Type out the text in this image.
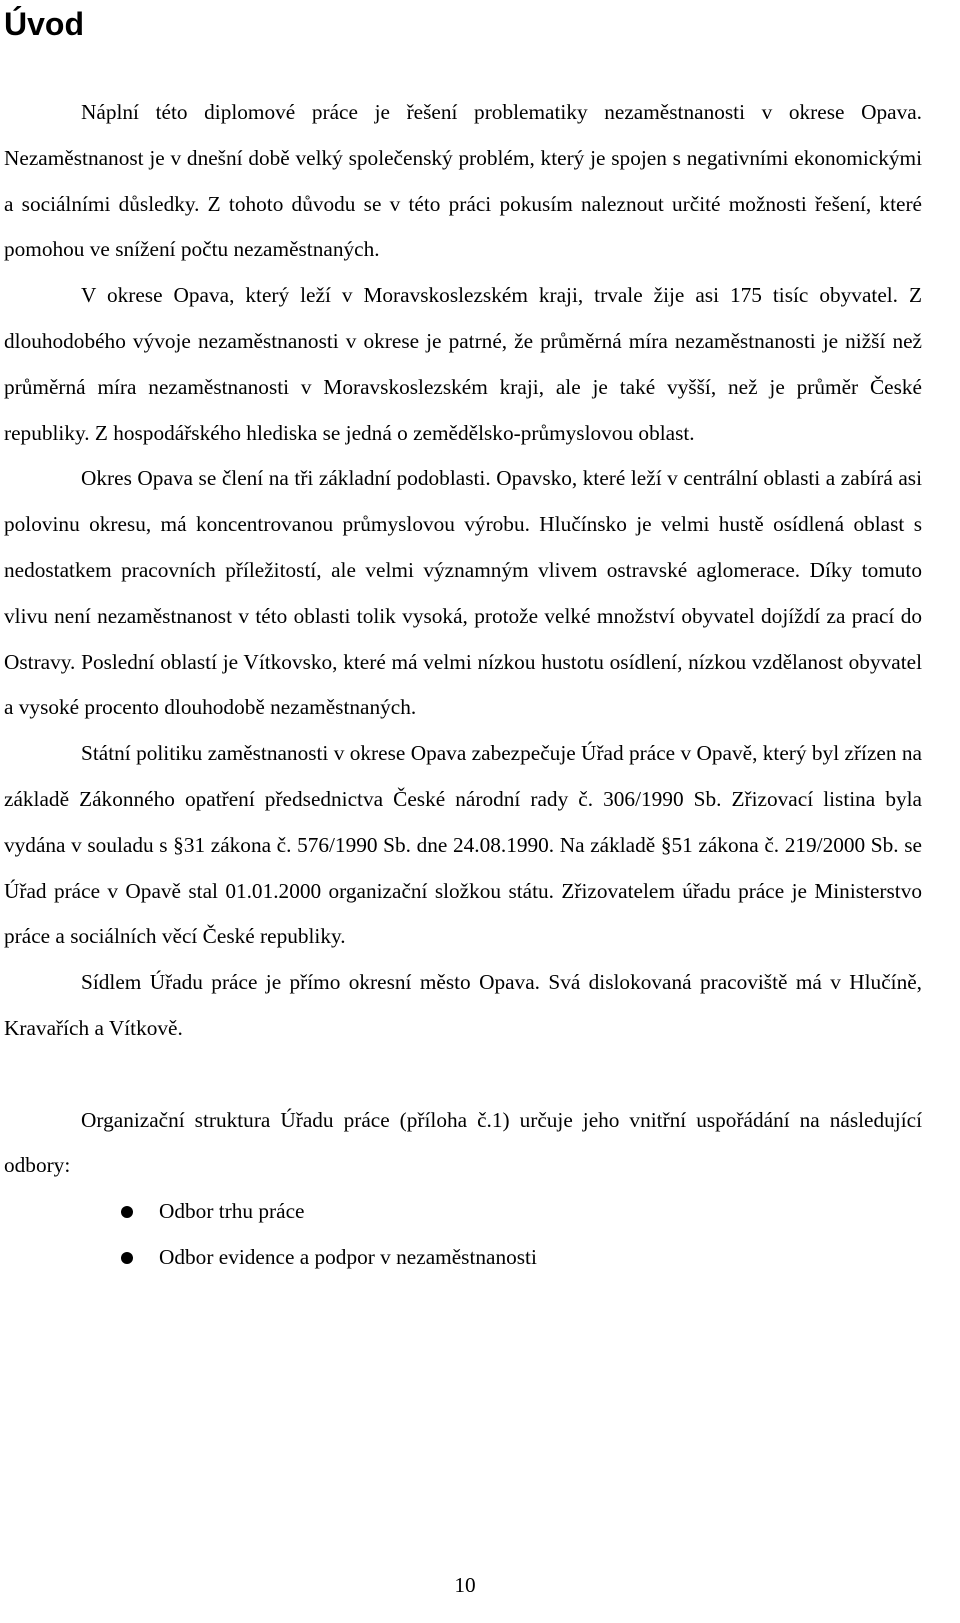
Úvod

Náplní této diplomové práce je řešení problematiky nezaměstnanosti v okrese Opava. Nezaměstnanost je v dnešní době velký společenský problém, který je spojen s negativními ekonomickými a sociálními důsledky. Z tohoto důvodu se v této práci pokusím naleznout určité možnosti řešení, které pomohou ve snížení počtu nezaměstnaných.

V okrese Opava, který leží v Moravskoslezském kraji, trvale žije asi 175 tisíc obyvatel. Z dlouhodobého vývoje nezaměstnanosti v okrese je patrné, že průměrná míra nezaměstnanosti je nižší než průměrná míra nezaměstnanosti v Moravskoslezském kraji, ale je také vyšší, než je průměr České republiky. Z hospodářského hlediska se jedná o zemědělsko-průmyslovou oblast.

Okres Opava se člení na tři základní podoblasti. Opavsko, které leží v centrální oblasti a zabírá asi polovinu okresu, má koncentrovanou průmyslovou výrobu. Hlučínsko je velmi hustě osídlená oblast s nedostatkem pracovních příležitostí, ale velmi významným vlivem ostravské aglomerace. Díky tomuto vlivu není nezaměstnanost v této oblasti tolik vysoká, protože velké množství obyvatel dojíždí za prací do Ostravy. Poslední oblastí je Vítkovsko, které má velmi nízkou hustotu osídlení, nízkou vzdělanost obyvatel a vysoké procento dlouhodobě nezaměstnaných.

Státní politiku zaměstnanosti v okrese Opava zabezpečuje Úřad práce v Opavě, který byl zřízen na základě Zákonného opatření předsednictva České národní rady č. 306/1990 Sb. Zřizovací listina byla vydána v souladu s §31 zákona č. 576/1990 Sb. dne 24.08.1990. Na základě §51 zákona č. 219/2000 Sb. se Úřad práce v Opavě stal 01.01.2000 organizační složkou státu. Zřizovatelem úřadu práce je Ministerstvo práce a sociálních věcí České republiky.

Sídlem Úřadu práce je přímo okresní město Opava. Svá dislokovaná pracoviště má v Hlučíně, Kravařích a Vítkově.

Organizační struktura Úřadu práce (příloha č.1) určuje jeho vnitřní uspořádání na následující odbory:

Odbor trhu práce
Odbor evidence a podpor v nezaměstnanosti
10
